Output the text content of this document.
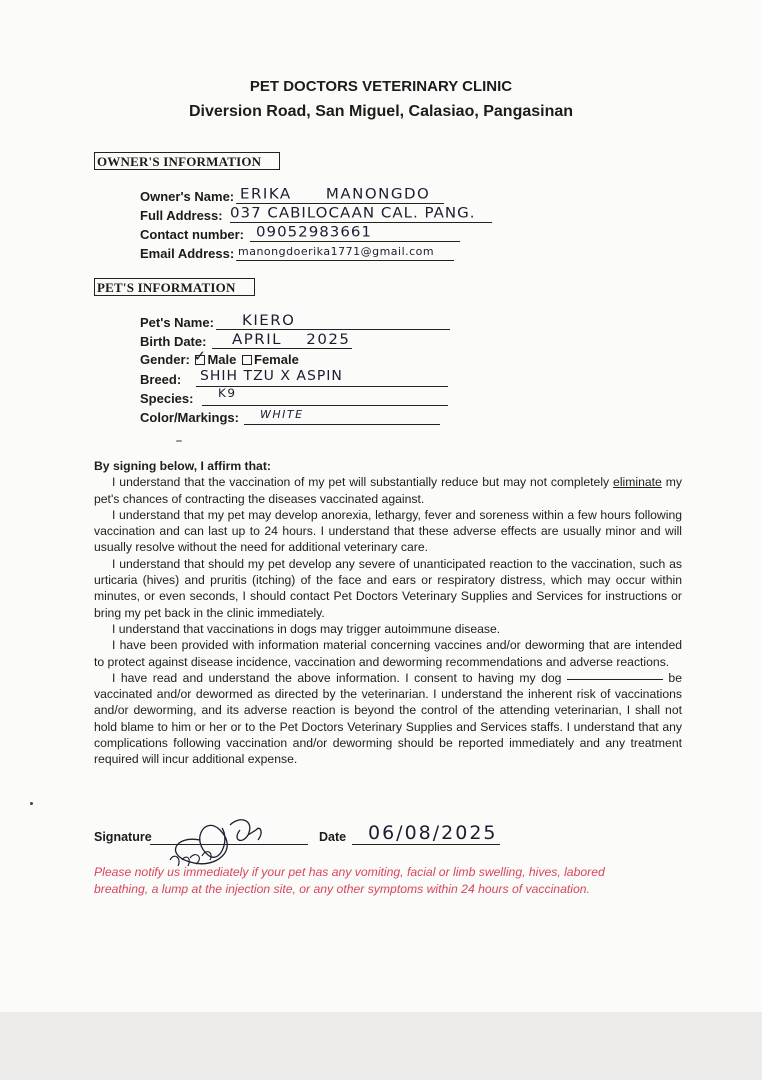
PET DOCTORS VETERINARY CLINIC
Diversion Road, San Miguel, Calasiao, Pangasinan
OWNER'S INFORMATION
Owner's Name: ERIKA MANONGDO
Full Address: 037 CABILOCAAN CAL. PANG.
Contact number: 09052983661
Email Address: manongdoerika1771@gmail.com
PET'S INFORMATION
Pet's Name: KIERO
Birth Date: APRIL 2025
Gender: ✓ Male Female
Breed: SHIH TZU X ASPIN
Species: K9
Color/Markings: WHITE

By signing below, I affirm that:

I understand that the vaccination of my pet will substantially reduce but may not completely eliminate my pet's chances of contracting the diseases vaccinated against.

I understand that my pet may develop anorexia, lethargy, fever and soreness within a few hours following vaccination and can last up to 24 hours. I understand that these adverse effects are usually minor and will usually resolve without the need for additional veterinary care.

I understand that should my pet develop any severe of unanticipated reaction to the vaccination, such as urticaria (hives) and pruritis (itching) of the face and ears or respiratory distress, which may occur within minutes, or even seconds, I should contact Pet Doctors Veterinary Supplies and Services for instructions or bring my pet back in the clinic immediately.

I understand that vaccinations in dogs may trigger autoimmune disease.

I have been provided with information material concerning vaccines and/or deworming that are intended to protect against disease incidence, vaccination and deworming recommendations and adverse reactions.

I have read and understand the above information. I consent to having my dog	be vaccinated and/or dewormed as directed by the veterinarian. I understand the inherent risk of vaccinations and/or deworming, and its adverse reaction is beyond the control of the attending veterinarian, I shall not hold blame to him or her or to the Pet Doctors Veterinary Supplies and Services staffs. I understand that any complications following vaccination and/or deworming should be reported immediately and any treatment required will incur additional expense.

Signature	Date 06/08/2025
Please notify us immediately if your pet has any vomiting, facial or limb swelling, hives, labored breathing, a lump at the injection site, or any other symptoms within 24 hours of vaccination.
